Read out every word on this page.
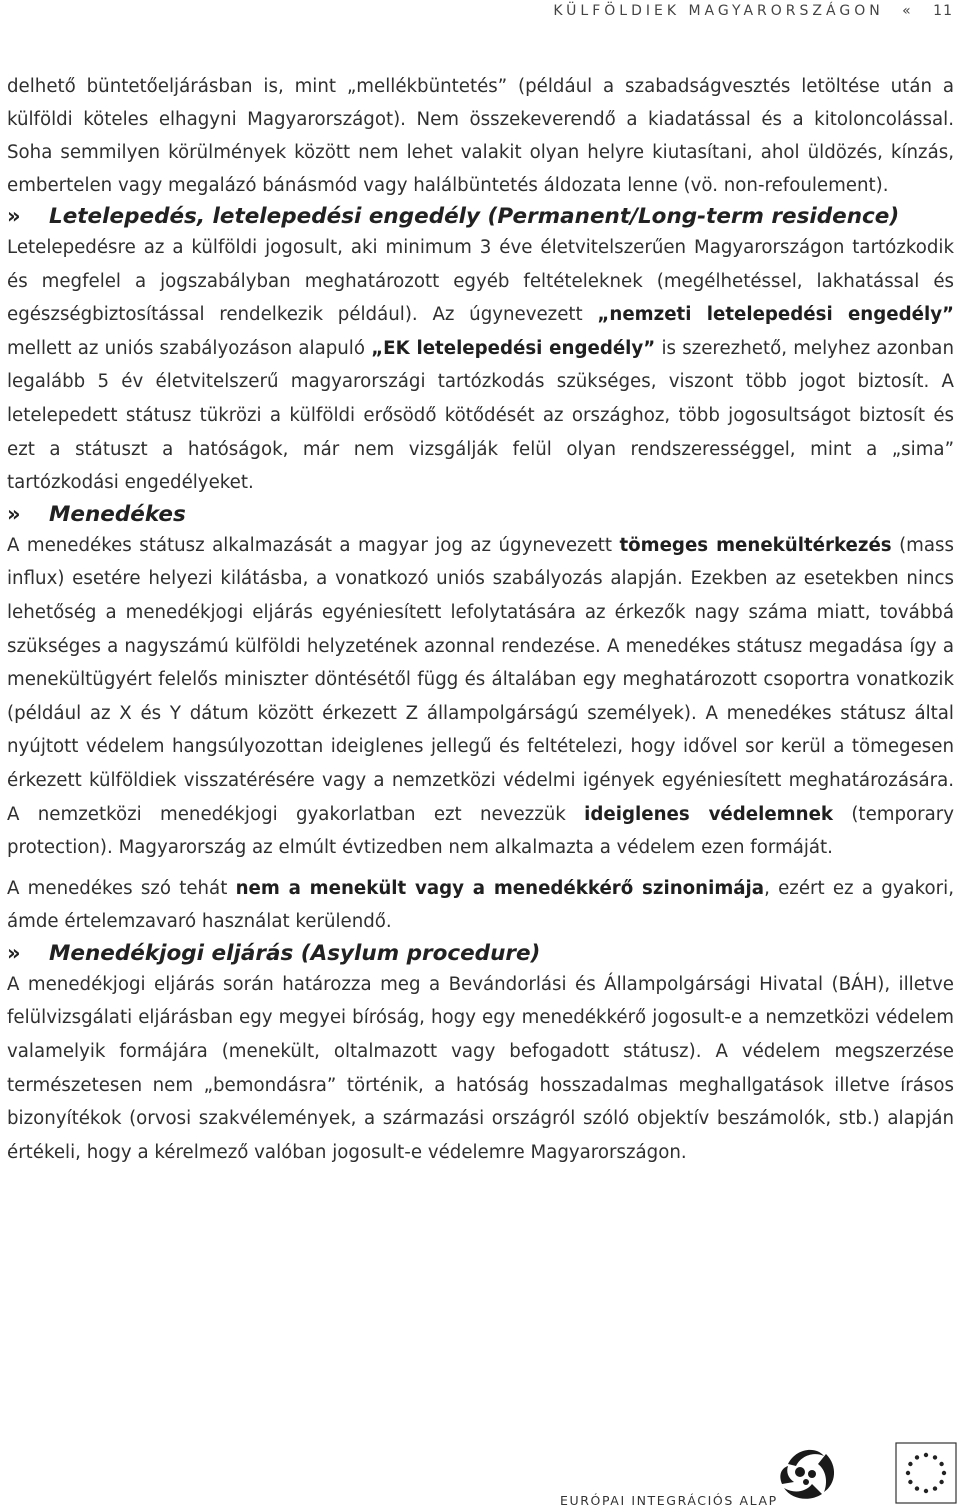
KÜLFÖLDIEK MAGYARORSZÁGON « 11

delhető büntetőeljárásban is, mint „mellékbüntetés” (például a szabadságvesztés letöltése után a külföldi köteles elhagyni Magyarországot). Nem összekeverendő a kiadatással és a kitoloncolással. Soha semmilyen körülmények között nem lehet valakit olyan helyre kiutasítani, ahol üldözés, kínzás, embertelen vagy megalázó bánásmód vagy halálbüntetés áldozata lenne (vö. non-refoulement).

»	Letelepedés, letelepedési engedély (Permanent/Long-term residence)

Letelepedésre az a külföldi jogosult, aki minimum 3 éve életvitelszerűen Magyarországon tartózkodik és megfelel a jogszabályban meghatározott egyéb feltételeknek (megélhetéssel, lakhatással és egészségbiztosítással rendelkezik például). Az úgynevezett „nemzeti letelepedési engedély” mellett az uniós szabályozáson alapuló „EK letelepedési engedély” is szerezhető, melyhez azonban legalább 5 év életvitelszerű magyarországi tartózkodás szükséges, viszont több jogot biztosít. A letelepedett státusz tükrözi a külföldi erősödő kötődését az országhoz, több jogosultságot biztosít és ezt a státuszt a hatóságok, már nem vizsgálják felül olyan rendszerességgel, mint a „sima” tartózkodási engedélyeket.

»	Menedékes

A menedékes státusz alkalmazását a magyar jog az úgynevezett tömeges menekültérkezés (mass influx) esetére helyezi kilátásba, a vonatkozó uniós szabályozás alapján. Ezekben az esetekben nincs lehetőség a menedékjogi eljárás egyéniesített lefolytatására az érkezők nagy száma miatt, továbbá szükséges a nagyszámú külföldi helyzetének azonnal rendezése. A menedékes státusz megadása így a menekültügyért felelős miniszter döntésétől függ és általában egy meghatározott csoportra vonatkozik (például az X és Y dátum között érkezett Z állampolgárságú személyek). A menedékes státusz által nyújtott védelem hangsúlyozottan ideiglenes jellegű és feltételezi, hogy idővel sor kerül a tömegesen érkezett külföldiek visszatérésére vagy a nemzetközi védelmi igények egyéniesített meghatározására. A nemzetközi menedékjogi gyakorlatban ezt nevezzük ideiglenes védelemnek (temporary protection). Magyarország az elmúlt évtizedben nem alkalmazta a védelem ezen formáját.

A menedékes szó tehát nem a menekült vagy a menedékkérő szinonimája, ezért ez a gyakori, ámde értelemzavaró használat kerülendő.

»	Menedékjogi eljárás (Asylum procedure)

A menedékjogi eljárás során határozza meg a Bevándorlási és Állampolgársági Hivatal (BÁH), illetve felülvizsgálati eljárásban egy megyei bíróság, hogy egy menedékkérő jogosult-e a nemzetközi védelem valamelyik formájára (menekült, oltalmazott vagy befogadott státusz). A védelem megszerzése természetesen nem „bemondásra” történik, a hatóság hosszadalmas meghallgatások illetve írásos bizonyítékok (orvosi szakvélemények, a származási országról szóló objektív beszámolók, stb.) alapján értékeli, hogy a kérelmező valóban jogosult-e védelemre Magyarországon.

EURÓPAI INTEGRÁCIÓS ALAP
